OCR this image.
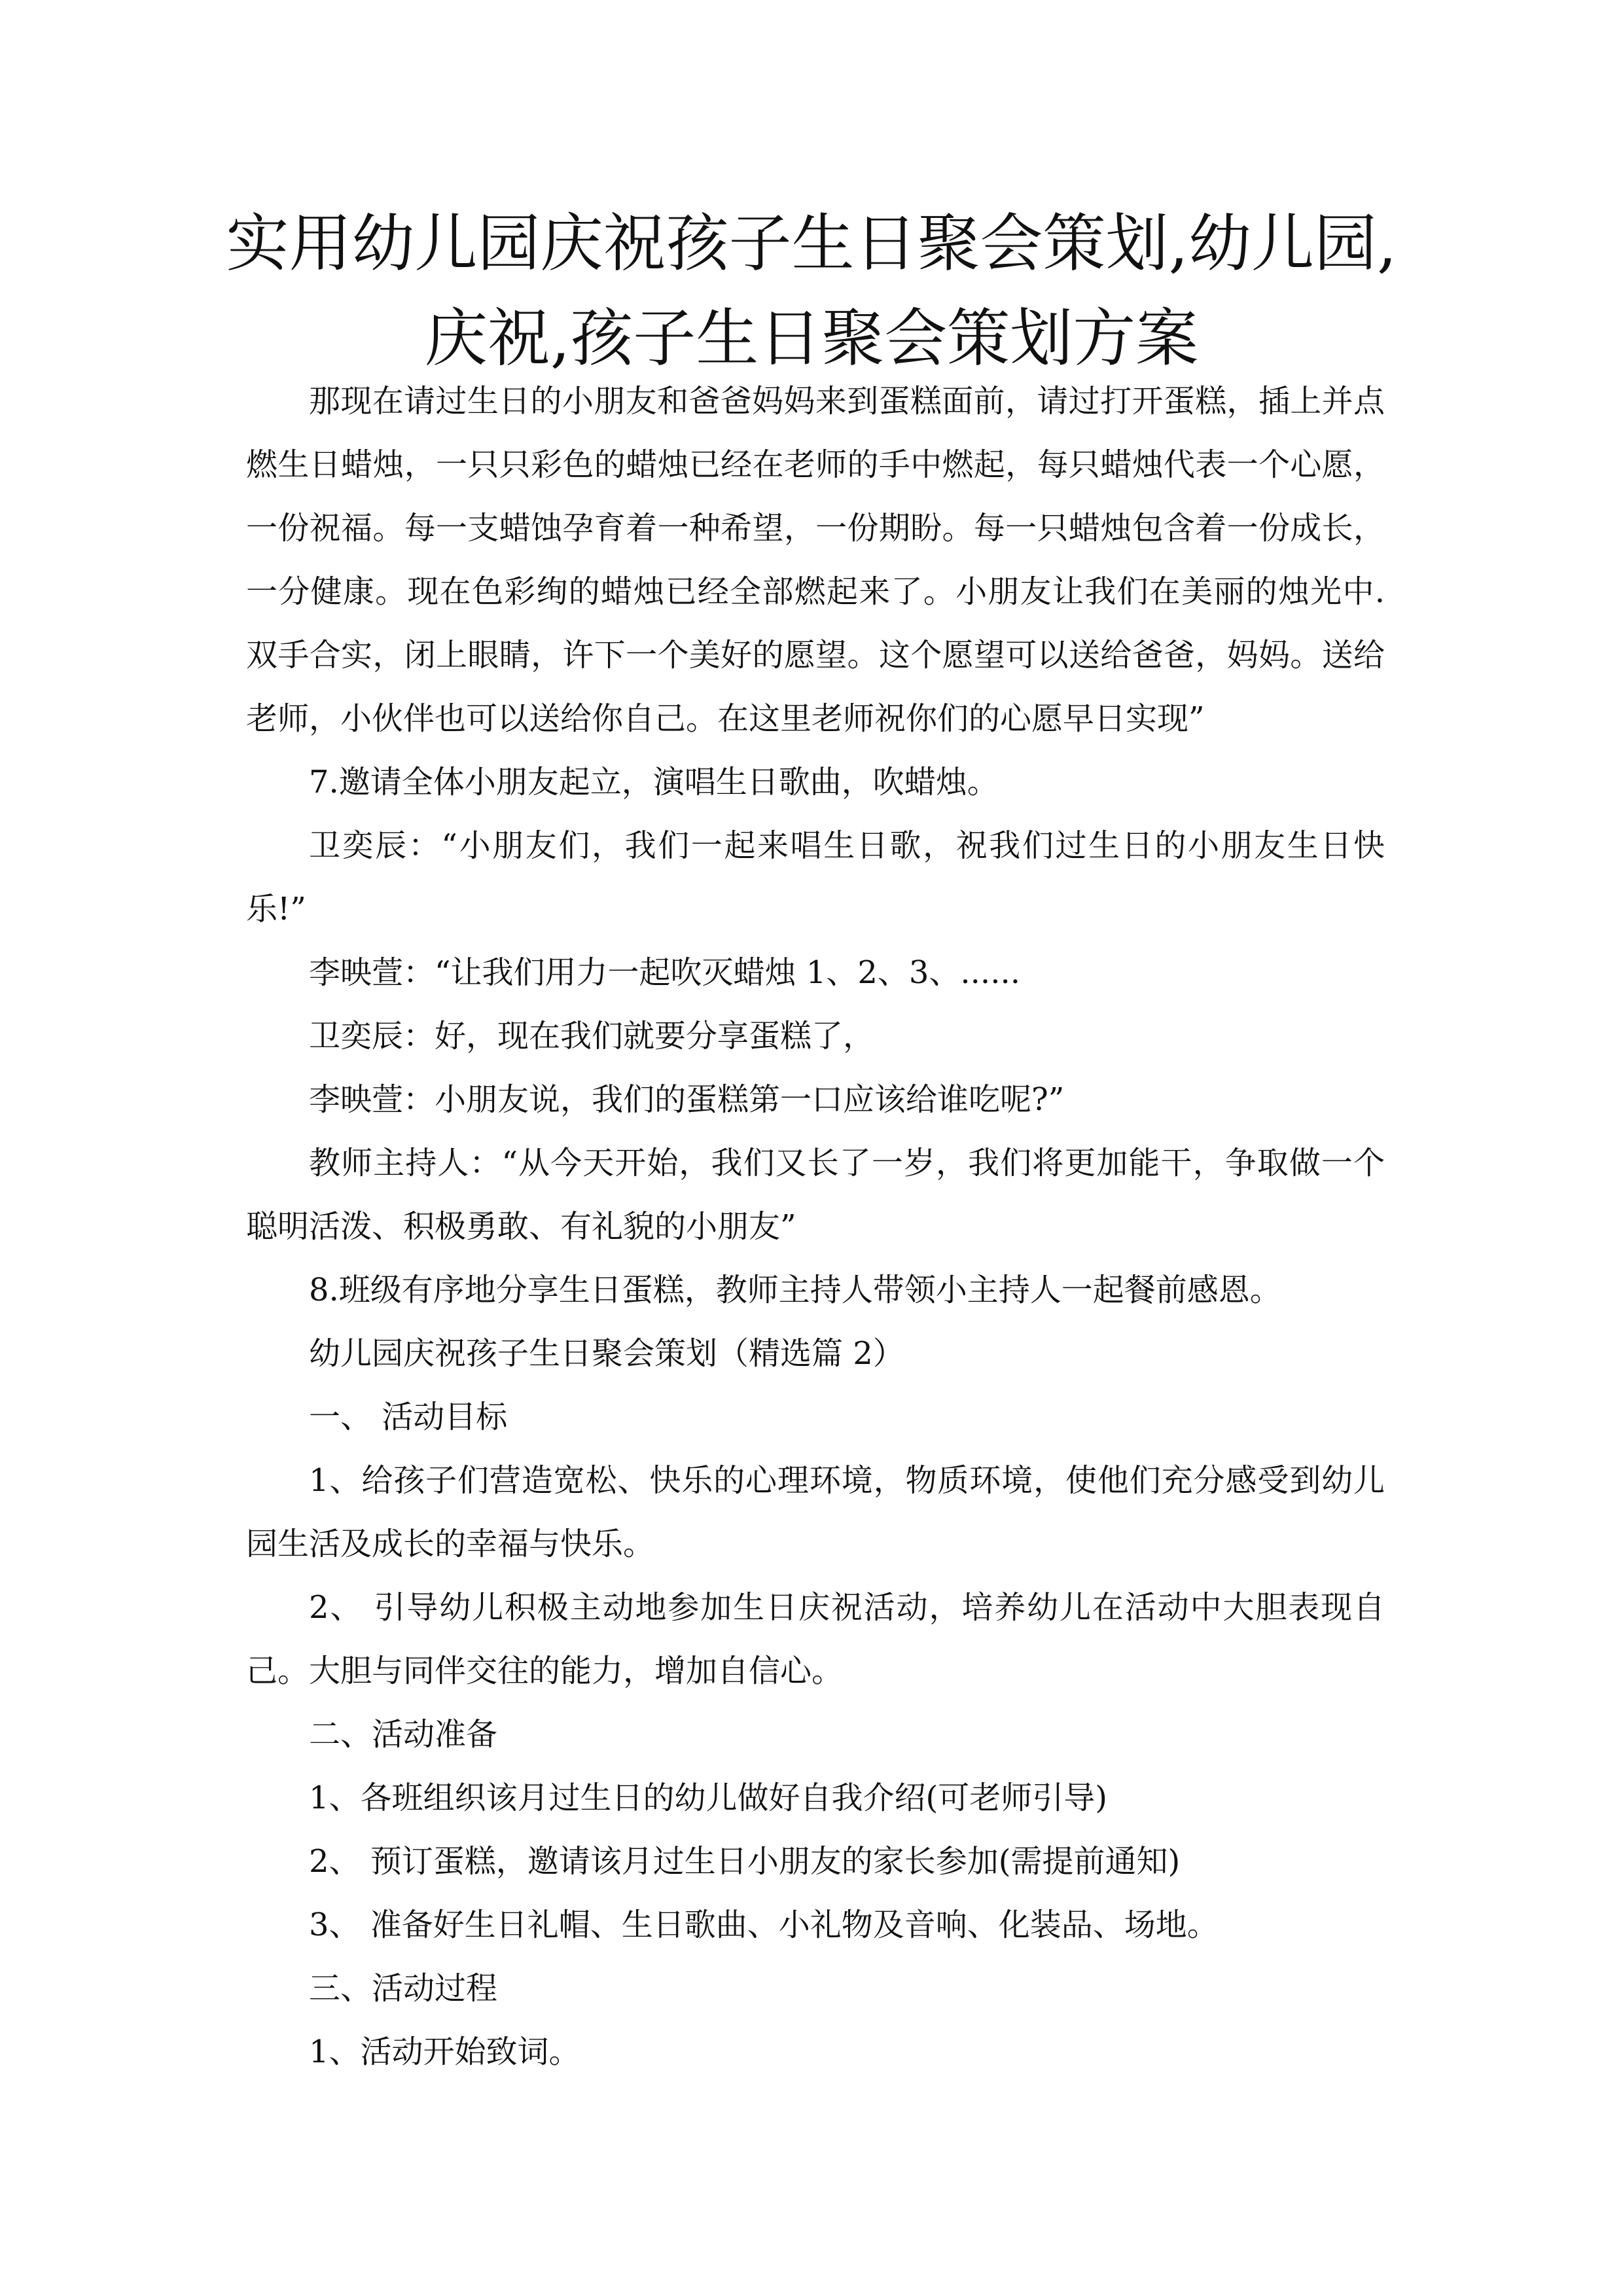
实用幼儿园庆祝孩子生日聚会策划,幼儿园,
庆祝,孩子生日聚会策划方案

那现在请过生日的小朋友和爸爸妈妈来到蛋糕面前，请过打开蛋糕，插上并点燃生日蜡烛，一只只彩色的蜡烛已经在老师的手中燃起，每只蜡烛代表一个心愿，一份祝福。每一支蜡蚀孕育着一种希望，一份期盼。每一只蜡烛包含着一份成长，一分健康。现在色彩绚的蜡烛已经全部燃起来了。小朋友让我们在美丽的烛光中.双手合实，闭上眼睛，许下一个美好的愿望。这个愿望可以送给爸爸，妈妈。送给老师，小伙伴也可以送给你自己。在这里老师祝你们的心愿早日实现”

7.邀请全体小朋友起立，演唱生日歌曲，吹蜡烛。

卫奕辰：“小朋友们，我们一起来唱生日歌，祝我们过生日的小朋友生日快乐!”

李映萱：“让我们用力一起吹灭蜡烛 1、2、3、......

卫奕辰：好，现在我们就要分享蛋糕了，

李映萱：小朋友说，我们的蛋糕第一口应该给谁吃呢?”

教师主持人：“从今天开始，我们又长了一岁，我们将更加能干，争取做一个聪明活泼、积极勇敢、有礼貌的小朋友”

8.班级有序地分享生日蛋糕，教师主持人带领小主持人一起餐前感恩。

幼儿园庆祝孩子生日聚会策划（精选篇 2）

一、 活动目标

1、给孩子们营造宽松、快乐的心理环境，物质环境，使他们充分感受到幼儿园生活及成长的幸福与快乐。

2、 引导幼儿积极主动地参加生日庆祝活动，培养幼儿在活动中大胆表现自己。大胆与同伴交往的能力，增加自信心。

二、活动准备

1、各班组织该月过生日的幼儿做好自我介绍(可老师引导)

2、 预订蛋糕，邀请该月过生日小朋友的家长参加(需提前通知)

3、 准备好生日礼帽、生日歌曲、小礼物及音响、化装品、场地。

三、活动过程

1、活动开始致词。
